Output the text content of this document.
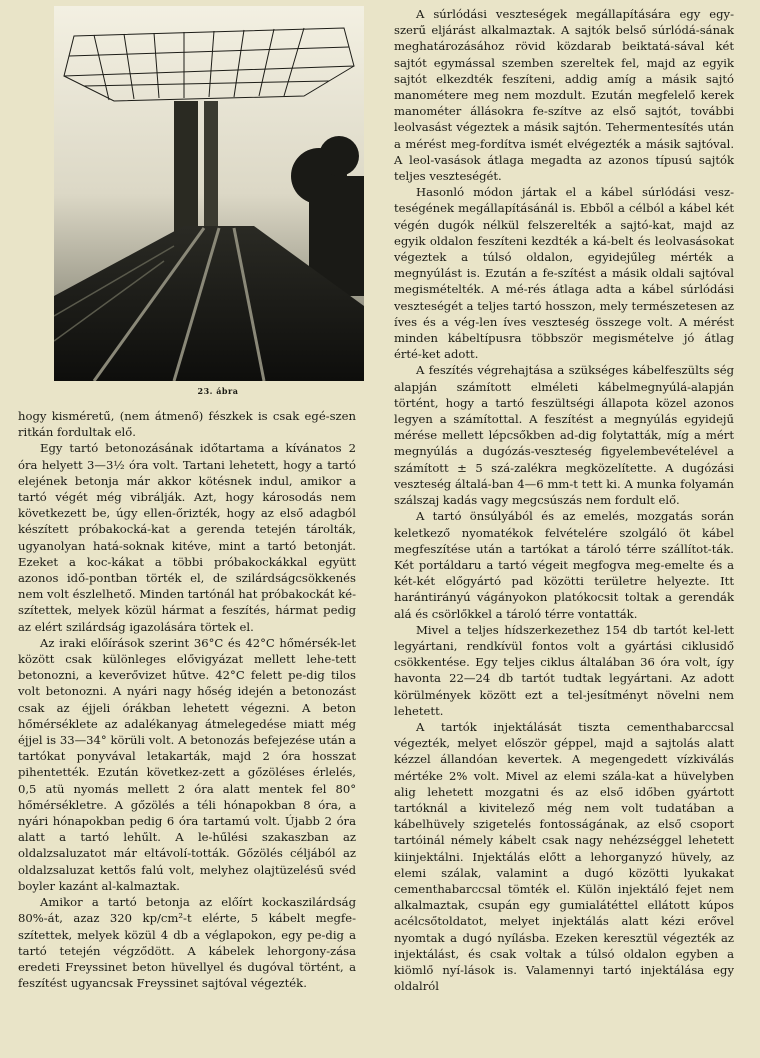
23. ábra

hogy kisméretű, (nem átmenő) fészkek is csak egé-szen ritkán fordultak elő.

Egy tartó betonozásának időtartama a kívánatos 2 óra helyett 3—3½ óra volt. Tartani lehetett, hogy a tartó elejének betonja már akkor kötésnek indul, amikor a tartó végét még vibrálják. Azt, hogy károsodás nem következett be, úgy ellen-őrizték, hogy az első adagból készített próbakocká-kat a gerenda tetején tárolták, ugyanolyan hatá-soknak kitéve, mint a tartó betonját. Ezeket a koc-kákat a többi próbakockákkal együtt azonos idő-pontban törték el, de szilárdságcsökkenés nem volt észlelhető. Minden tartónál hat próbakockát ké-szítettek, melyek közül hármat a feszítés, hármat pedig az elért szilárdság igazolására törtek el.

Az iraki előírások szerint 36°C és 42°C hőmérsék-let között csak különleges elővigyázat mellett lehe-tett betonozni, a keverővizet hűtve. 42°C felett pe-dig tilos volt betonozni. A nyári nagy hőség idején a betonozást csak az éjjeli órákban lehetett végezni. A beton hőmérséklete az adalékanyag átmelegedése miatt még éjjel is 33—34° körüli volt. A betonozás befejezése után a tartókat ponyvával letakarták, majd 2 óra hosszat pihentették. Ezután következ-zett a gőzöléses érlelés, 0,5 atü nyomás mellett 2 óra alatt mentek fel 80° hőmérsékletre. A gőzölés a téli hónapokban 8 óra, a nyári hónapokban pedig 6 óra tartamú volt. Újabb 2 óra alatt a tartó lehűlt. A le-hűlési szakaszban az oldalzsaluzatot már eltávolí-tották. Gőzölés céljából az oldalzsaluzat kettős falú volt, melyhez olajtüzelésű svéd boyler kazánt al-kalmaztak.

Amikor a tartó betonja az előírt kockaszilárdság 80%-át, azaz 320 kp/cm²-t elérte, 5 kábelt megfe-szítettek, melyek közül 4 db a véglapokon, egy pe-dig a tartó tetején végződött. A kábelek lehorgony-zása eredeti Freyssinet beton hüvellyel és dugóval történt, a feszítést ugyancsak Freyssinet sajtóval végezték.

A súrlódási veszteségek megállapítására egy egy-szerű eljárást alkalmaztak. A sajtók belső súrlódá-sának meghatározásához rövid közdarab beiktatá-sával két sajtót egymással szemben szereltek fel, majd az egyik sajtót elkezdték feszíteni, addig amíg a másik sajtó manométere meg nem mozdult. Ezután megfelelő kerek manométer állásokra fe-szítve az első sajtót, további leolvasást végeztek a másik sajtón. Tehermentesítés után a mérést meg-fordítva ismét elvégezték a másik sajtóval. A leol-vasások átlaga megadta az azonos típusú sajtók teljes veszteségét.

Hasonló módon jártak el a kábel súrlódási vesz-teségének megállapításánál is. Ebből a célból a kábel két végén dugók nélkül felszerelték a sajtó-kat, majd az egyik oldalon feszíteni kezdték a ká-belt és leolvasásokat végeztek a túlsó oldalon, egyidejűleg mérték a megnyúlást is. Ezután a fe-szítést a másik oldali sajtóval megismételték. A mé-rés átlaga adta a kábel súrlódási veszteségét a teljes tartó hosszon, mely természetesen az íves és a vég-len íves veszteség összege volt. A mérést minden kábeltípusra többször megismételve jó átlag érté-ket adott.

A feszítés végrehajtása a szükséges kábelfeszülts ség alapján számított elméleti kábelmegnyúlá-alapján történt, hogy a tartó feszültségi állapota közel azonos legyen a számítottal. A feszítést a megnyúlás egyidejű mérése mellett lépcsőkben ad-dig folytatták, míg a mért megnyúlás a dugózás-veszteség figyelembevételével a számított ± 5 szá-zalékra megközelítette. A dugózási veszteség általá-ban 4—6 mm-t tett ki. A munka folyamán szálszaj kadás vagy megcsúszás nem fordult elő.

A tartó önsúlyából és az emelés, mozgatás során keletkező nyomatékok felvételére szolgáló öt kábel megfeszítése után a tartókat a tároló térre szállítot-ták. Két portáldaru a tartó végeit megfogva meg-emelte és a két-két előgyártó pad közötti területre helyezte. Itt harántirányú vágányokon platókocsit toltak a gerendák alá és csörlőkkel a tároló térre vontatták.

Mivel a teljes hídszerkezethez 154 db tartót kel-lett legyártani, rendkívül fontos volt a gyártási ciklusidő csökkentése. Egy teljes ciklus általában 36 óra volt, így havonta 22—24 db tartót tudtak legyártani. Az adott körülmények között ezt a tel-jesítményt növelni nem lehetett.

A tartók injektálását tiszta cementhabarccsal végezték, melyet először géppel, majd a sajtolás alatt kézzel állandóan kevertek. A megengedett vízkiválás mértéke 2% volt. Mivel az elemi szála-kat a hüvelyben alig lehetett mozgatni és az első időben gyártott tartóknál a kivitelező még nem volt tudatában a kábelhüvely szigetelés fontosságának, az első csoport tartóinál némely kábelt csak nagy nehézséggel lehetett kiinjektálni. Injektálás előtt a lehorganyzó hüvely, az elemi szálak, valamint a dugó közötti lyukakat cementhabarccsal tömték el. Külön injektáló fejet nem alkalmaztak, csupán egy gumialátéttel ellátott kúpos acélcsőtoldatot, melyet injektálás alatt kézi erővel nyomtak a dugó nyílásba. Ezeken keresztül végezték az injektálást, és csak voltak a túlsó oldalon egyben a kiömlő nyí-lások is. Valamennyi tartó injektálása egy oldalról
